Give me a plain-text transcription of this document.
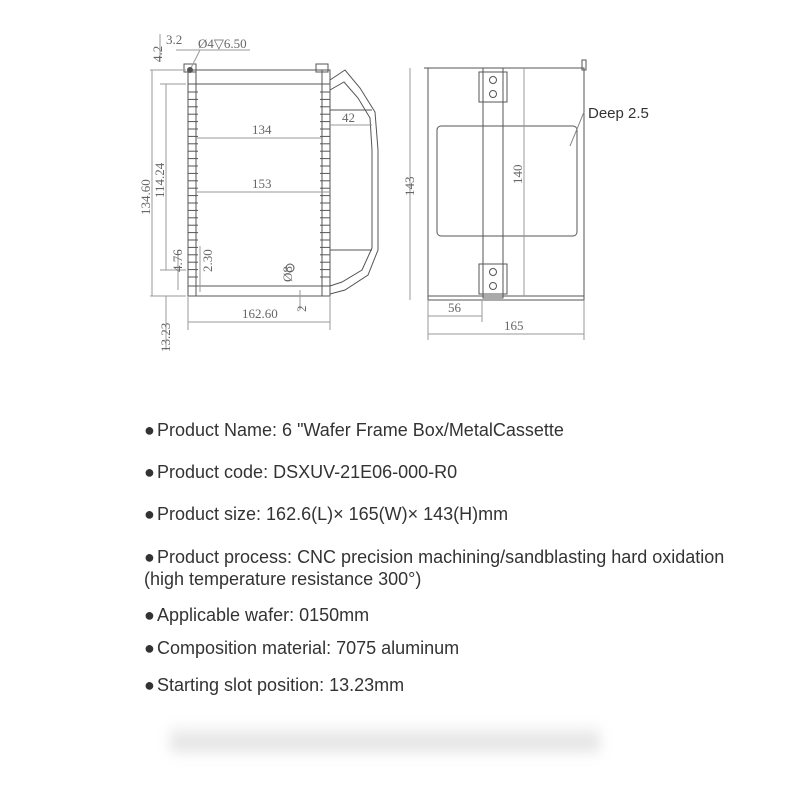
3.2
4.2
Ø4▽6.50
134
153
42
134.60 114.24
4.76 2.30
Ø8
2
13.23
162.60
143
140
56
165
Deep 2.5
● Product Name: 6 "Wafer Frame Box/MetalCassette
● Product code: DSXUV-21E06-000-R0
● Product size: 162.6(L)× 165(W)× 143(H)mm
● Product process: CNC precision machining/sandblasting hard oxidation (high temperature resistance 300°)
● Applicable wafer: 0150mm
● Composition material: 7075 aluminum
● Starting slot position: 13.23mm
